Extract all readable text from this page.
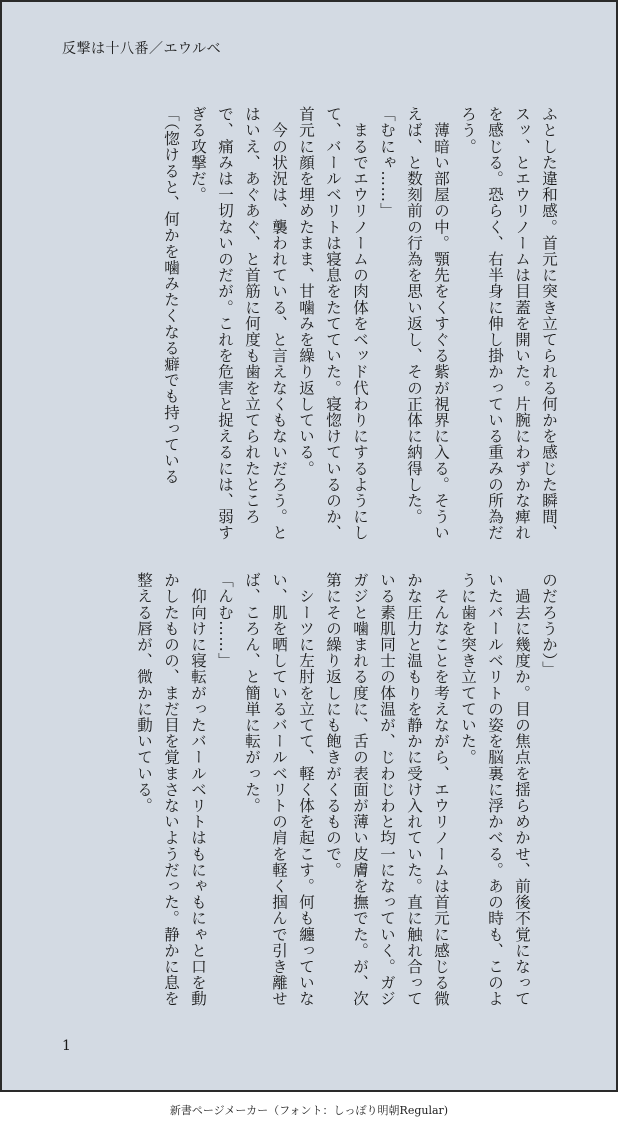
反撃は十八番／エウルベ

ふとした違和感。首元に突き立てられる何かを感じた瞬間、スッ、とエウリノームは目蓋を開いた。片腕にわずかな痺れを感じる。恐らく、右半身に伸し掛かっている重みの所為だろう。

　薄暗い部屋の中。顎先をくすぐる紫が視界に入る。そういえば、と数刻前の行為を思い返し、その正体に納得した。

「むにゃ……」

　まるでエウリノームの肉体をベッド代わりにするようにして、バールベリトは寝息をたてていた。寝惚けているのか、首元に顔を埋めたまま、甘噛みを繰り返している。

　今の状況は、襲われている、と言えなくもないだろう。とはいえ、あぐあぐ、と首筋に何度も歯を立てられたところで、痛みは一切ないのだが。これを危害と捉えるには、弱すぎる攻撃だ。

「（惚けると、何かを噛みたくなる癖でも持っている

のだろうか）」

　過去に幾度か。目の焦点を揺らめかせ、前後不覚になっていたバールベリトの姿を脳裏に浮かべる。あの時も、このように歯を突き立てていた。

　そんなことを考えながら、エウリノームは首元に感じる微かな圧力と温もりを静かに受け入れていた。直に触れ合っている素肌同士の体温が、じわじわと均一になっていく。ガジガジと噛まれる度に、舌の表面が薄い皮膚を撫でた。が、次第にその繰り返しにも飽きがくるもので。

　シーツに左肘を立てて、軽く体を起こす。何も纏っていない、肌を晒しているバールベリトの肩を軽く掴んで引き離せば、ころん、と簡単に転がった。

「んむ……」

　仰向けに寝転がったバールベリトはもにゃもにゃと口を動かしたものの、まだ目を覚まさないようだった。静かに息を整える唇が、微かに動いている。

1
新書ページメーカー（フォント：しっぽり明朝Regular)
